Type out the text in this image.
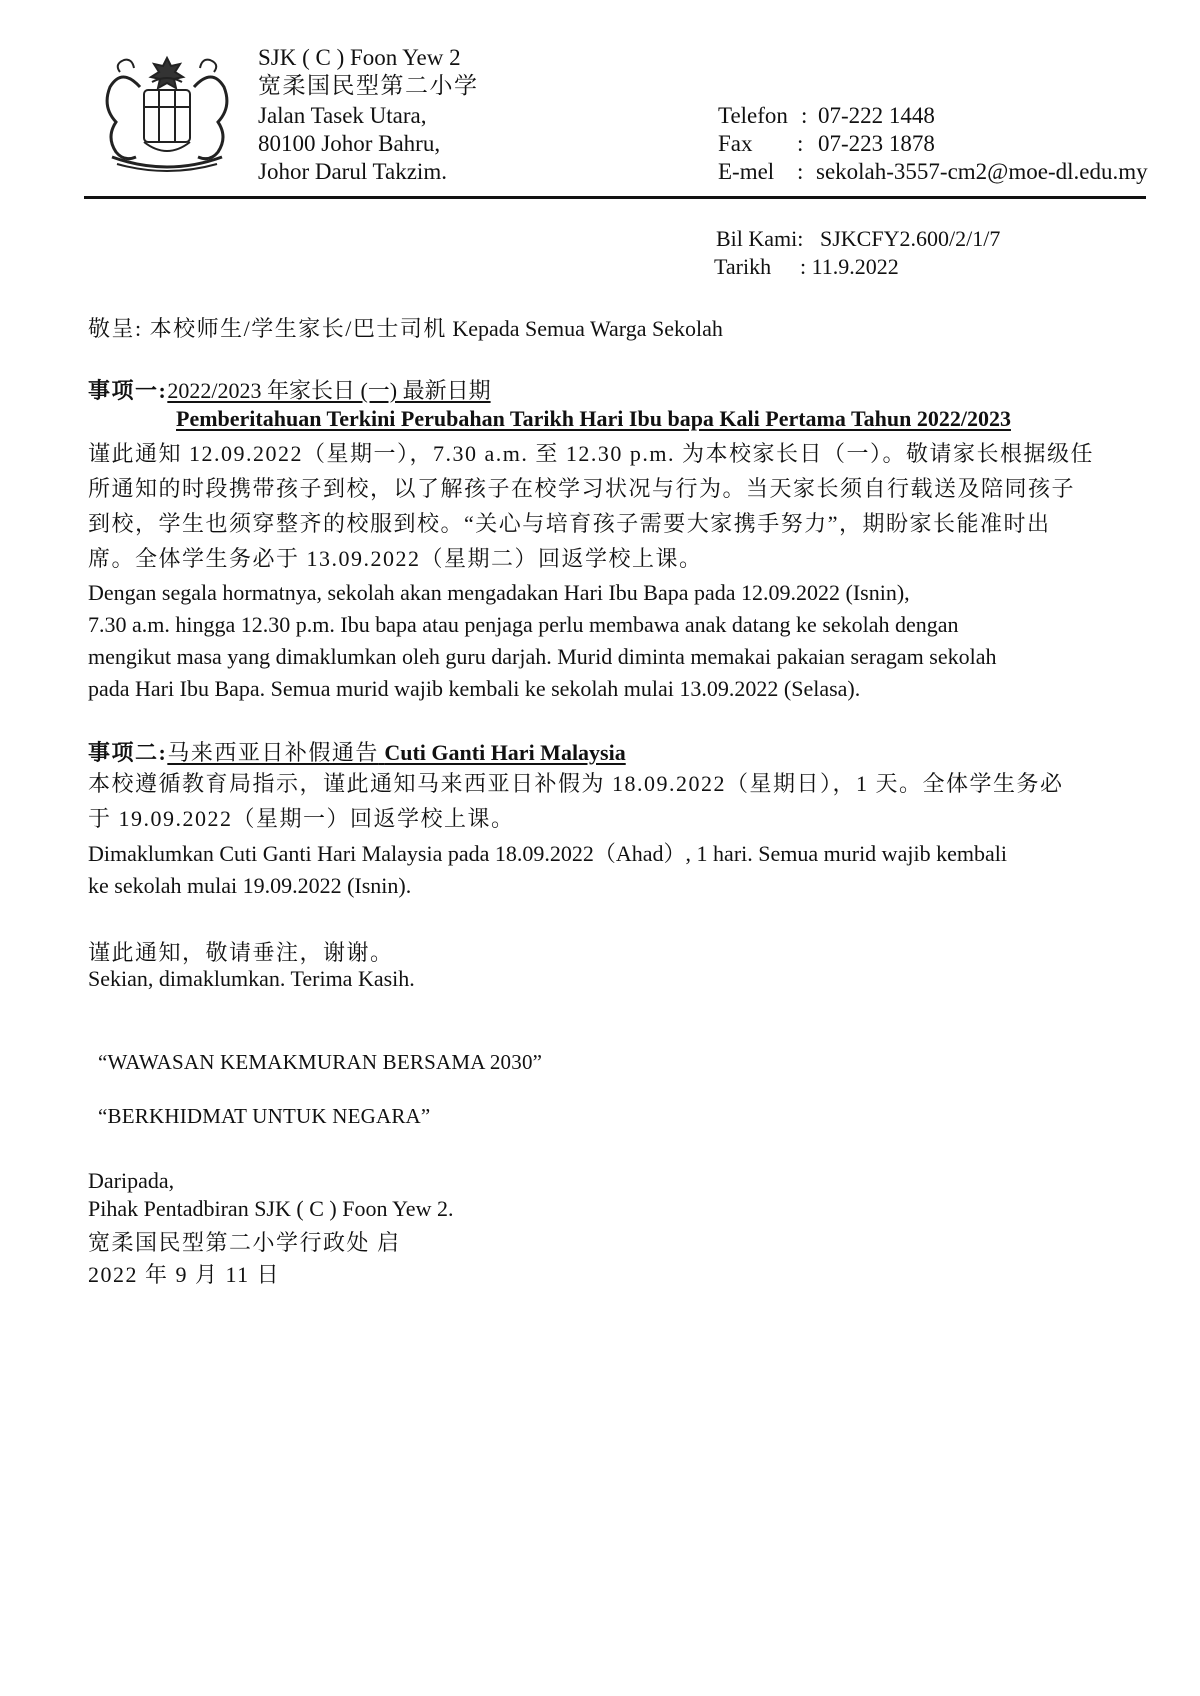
SJK ( C ) Foon Yew 2
宽柔国民型第二小学
Jalan Tasek Utara,
80100 Johor Bahru,
Johor Darul Takzim.
Telefon : 07-222 1448
Fax : 07-223 1878
E-mel : sekolah-3557-cm2@moe-dl.edu.my
Bil Kami: SJKCFY2.600/2/1/7
Tarikh : 11.9.2022
敬呈: 本校师生/学生家长/巴士司机 Kepada Semua Warga Sekolah
事项一:2022/2023 年家长日 (一) 最新日期
Pemberitahuan Terkini Perubahan Tarikh Hari Ibu bapa Kali Pertama Tahun 2022/2023
谨此通知 12.09.2022（星期一），7.30 a.m. 至 12.30 p.m. 为本校家长日（一）。敬请家长根据级任
所通知的时段携带孩子到校，以了解孩子在校学习状况与行为。当天家长须自行载送及陪同孩子
到校，学生也须穿整齐的校服到校。“关心与培育孩子需要大家携手努力”，期盼家长能准时出
席。全体学生务必于 13.09.2022（星期二）回返学校上课。
Dengan segala hormatnya, sekolah akan mengadakan Hari Ibu Bapa pada 12.09.2022 (Isnin),
7.30 a.m. hingga 12.30 p.m. Ibu bapa atau penjaga perlu membawa anak datang ke sekolah dengan
mengikut masa yang dimaklumkan oleh guru darjah. Murid diminta memakai pakaian seragam sekolah
pada Hari Ibu Bapa. Semua murid wajib kembali ke sekolah mulai 13.09.2022 (Selasa).
事项二:马来西亚日补假通告 Cuti Ganti Hari Malaysia
本校遵循教育局指示，谨此通知马来西亚日补假为 18.09.2022（星期日），1 天。全体学生务必
于 19.09.2022（星期一）回返学校上课。
Dimaklumkan Cuti Ganti Hari Malaysia pada 18.09.2022（Ahad）, 1 hari. Semua murid wajib kembali
ke sekolah mulai 19.09.2022 (Isnin).
谨此通知，敬请垂注，谢谢。
Sekian, dimaklumkan. Terima Kasih.
“WAWASAN KEMAKMURAN BERSAMA 2030”
“BERKHIDMAT UNTUK NEGARA”
Daripada,
Pihak Pentadbiran SJK ( C ) Foon Yew 2.
宽柔国民型第二小学行政处 启
2022 年 9 月 11 日
